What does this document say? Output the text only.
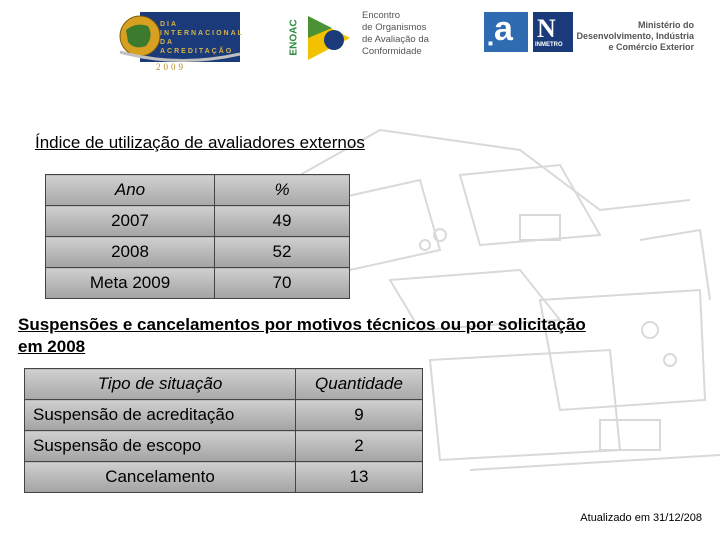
DIA
INTERNACIONAL
DA ACREDITAÇÃO
2009
ENOAC
Encontro
de Organismos
de Avaliação da
Conformidade
a
◼
N
INMETRO
Ministério do
Desenvolvimento, Indústria
e Comércio Exterior
Índice de utilização de avaliadores externos
Ano	%
2007	49
2008	52
Meta 2009	70
Suspensões e cancelamentos por motivos técnicos ou por solicitação em 2008
Tipo de situação	Quantidade
Suspensão de acreditação	9
Suspensão de escopo	2
Cancelamento	13
Atualizado em 31/12/208
